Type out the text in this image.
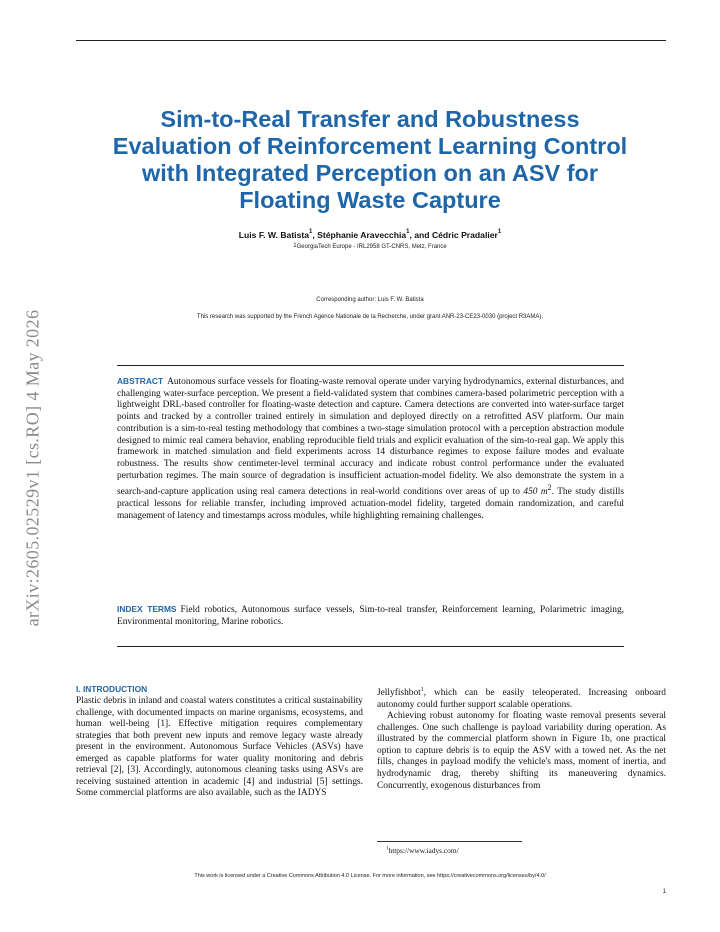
arXiv:2605.02529v1 [cs.RO] 4 May 2026
Sim-to-Real Transfer and Robustness Evaluation of Reinforcement Learning Control with Integrated Perception on an ASV for Floating Waste Capture
Luis F. W. Batista$^1$, Stéphanie Aravecchia$^1$, and Cédric Pradalier$^1$
$^1$GeorgiaTech Europe - IRL2958 GT-CNRS, Metz, France
Corresponding author: Luis F. W. Batista
This research was supported by the French Agence Nationale de la Recherche, under grant ANR-23-CE23-0030 (project R3AMA).

ABSTRACT Autonomous surface vessels for floating-waste removal operate under varying hydrodynamics, external disturbances, and challenging water-surface perception. We present a field-validated system that combines camera-based polarimetric perception with a lightweight DRL-based controller for floating-waste detection and capture. Camera detections are converted into water-surface target points and tracked by a controller trained entirely in simulation and deployed directly on a retrofitted ASV platform. Our main contribution is a sim-to-real testing methodology that combines a two-stage simulation protocol with a perception abstraction module designed to mimic real camera behavior, enabling reproducible field trials and explicit evaluation of the sim-to-real gap. We apply this framework in matched simulation and field experiments across 14 disturbance regimes to expose failure modes and evaluate robustness. The results show centimeter-level terminal accuracy and indicate robust control performance under the evaluated perturbation regimes. The main source of degradation is insufficient actuation-model fidelity. We also demonstrate the system in a search-and-capture application using real camera detections in real-world conditions over areas of up to 450 $m^2$. The study distills practical lessons for reliable transfer, including improved actuation-model fidelity, targeted domain randomization, and careful management of latency and timestamps across modules, while highlighting remaining challenges.

INDEX TERMS Field robotics, Autonomous surface vessels, Sim-to-real transfer, Reinforcement learning, Polarimetric imaging, Environmental monitoring, Marine robotics.

I. INTRODUCTION

Plastic debris in inland and coastal waters constitutes a critical sustainability challenge, with documented impacts on marine organisms, ecosystems, and human well-being [1]. Effective mitigation requires complementary strategies that both prevent new inputs and remove legacy waste already present in the environment. Autonomous Surface Vehicles (ASVs) have emerged as capable platforms for water quality monitoring and debris retrieval [2], [3]. Accordingly, autonomous cleaning tasks using ASVs are receiving sustained attention in academic [4] and industrial [5] settings. Some commercial platforms are also available, such as the IADYS

Jellyfishbot$^1$, which can be easily teleoperated. Increasing onboard autonomy could further support scalable operations.

Achieving robust autonomy for floating waste removal presents several challenges. One such challenge is payload variability during operation. As illustrated by the commercial platform shown in Figure 1b, one practical option to capture debris is to equip the ASV with a towed net. As the net fills, changes in payload modify the vehicle's mass, moment of inertia, and hydrodynamic drag, thereby shifting its maneuvering dynamics. Concurrently, exogenous disturbances from

$^1$https://www.iadys.com/
This work is licensed under a Creative Commons Attribution 4.0 License. For more information, see https://creativecommons.org/licenses/by/4.0/
1
